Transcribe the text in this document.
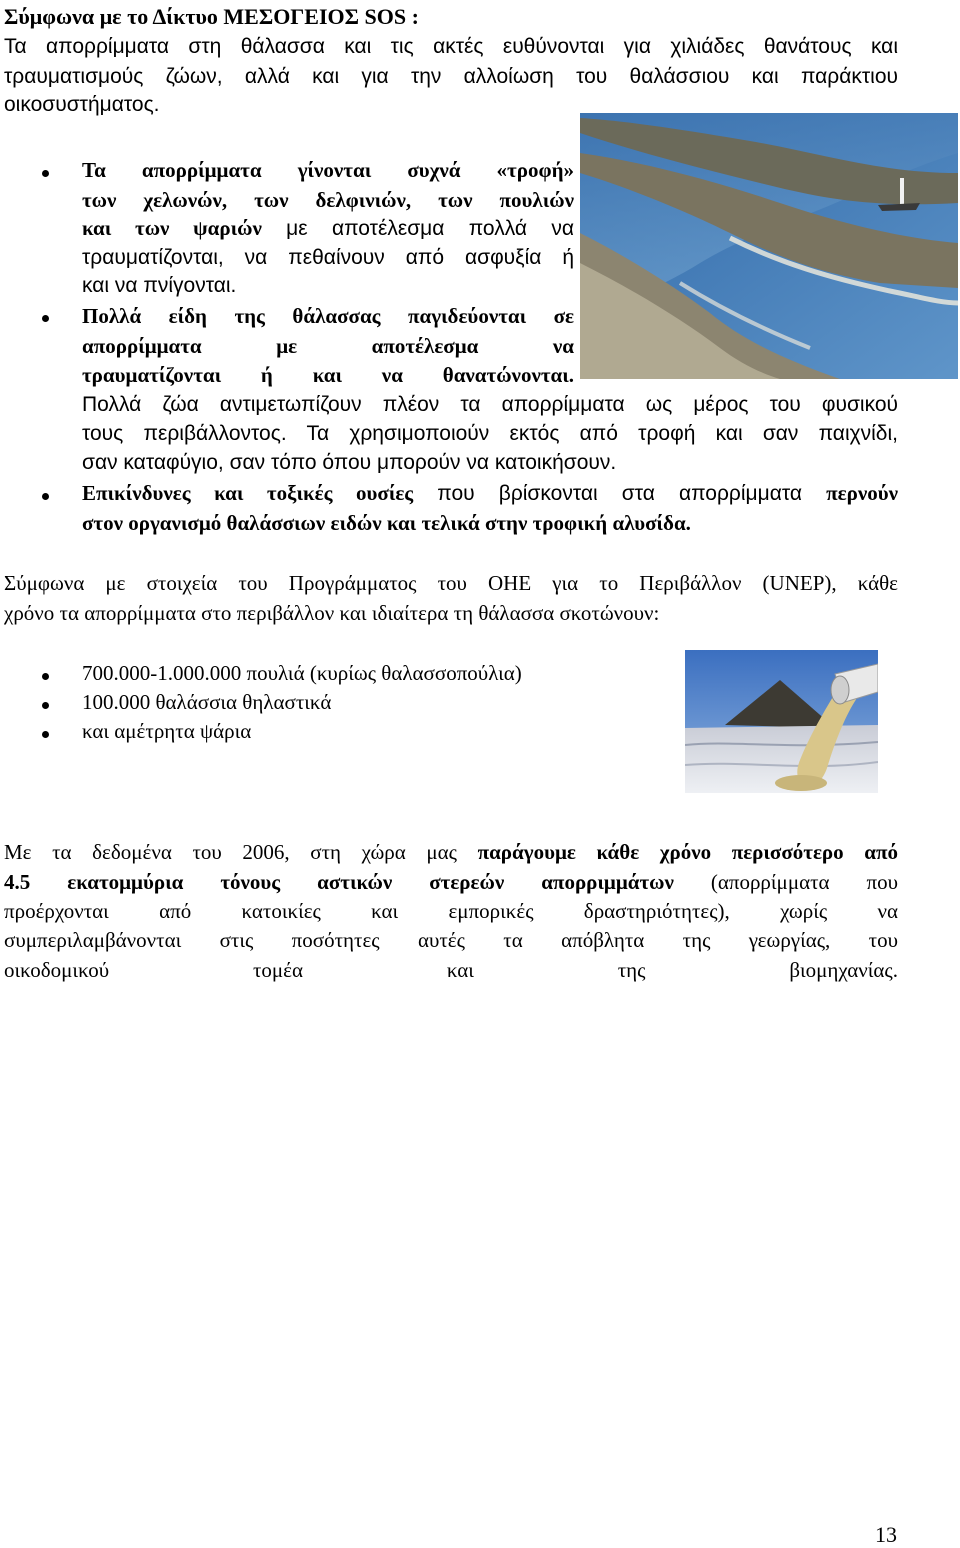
Σύμφωνα με το Δίκτυο ΜΕΣΟΓΕΙΟΣ SOS :
Τα απορρίμματα στη θάλασσα και τις ακτές ευθύνονται για χιλιάδες θανάτους και
τραυματισμούς ζώων, αλλά και για την αλλοίωση του θαλάσσιου και παράκτιου
οικοσυστήματος.
Τα απορρίμματα γίνονται συχνά «τροφή»
των χελωνών, των δελφινιών, των πουλιών
και των ψαριών με αποτέλεσμα πολλά να
τραυματίζονται, να πεθαίνουν από ασφυξία ή
και να πνίγονται.
Πολλά είδη της θάλασσας παγιδεύονται σε
απορρίμματα με αποτέλεσμα να
τραυματίζονται ή και να θανατώνονται.
Πολλά ζώα αντιμετωπίζουν πλέον τα απορρίμματα ως μέρος του φυσικού
τους περιβάλλοντος. Τα χρησιμοποιούν εκτός από τροφή και σαν παιχνίδι,
σαν καταφύγιο, σαν τόπο όπου μπορούν να κατοικήσουν.
Επικίνδυνες και τοξικές ουσίες που βρίσκονται στα απορρίμματα περνούν
στον οργανισμό θαλάσσιων ειδών και τελικά στην τροφική αλυσίδα.
Σύμφωνα με στοιχεία του Προγράμματος του ΟΗΕ για το Περιβάλλον (UNEP), κάθε
χρόνο τα απορρίμματα στο περιβάλλον και ιδιαίτερα τη θάλασσα σκοτώνουν:
700.000-1.000.000 πουλιά (κυρίως θαλασσοπούλια)
100.000 θαλάσσια θηλαστικά
και αμέτρητα ψάρια
Με τα δεδομένα του 2006, στη χώρα μας παράγουμε κάθε χρόνο περισσότερο από
4.5 εκατομμύρια τόνους αστικών στερεών απορριμμάτων (απορρίμματα που
προέρχονται από κατοικίες και εμπορικές δραστηριότητες), χωρίς να
συμπεριλαμβάνονται στις ποσότητες αυτές τα απόβλητα της γεωργίας, του
οικοδομικού τομέα και της βιομηχανίας.
13
